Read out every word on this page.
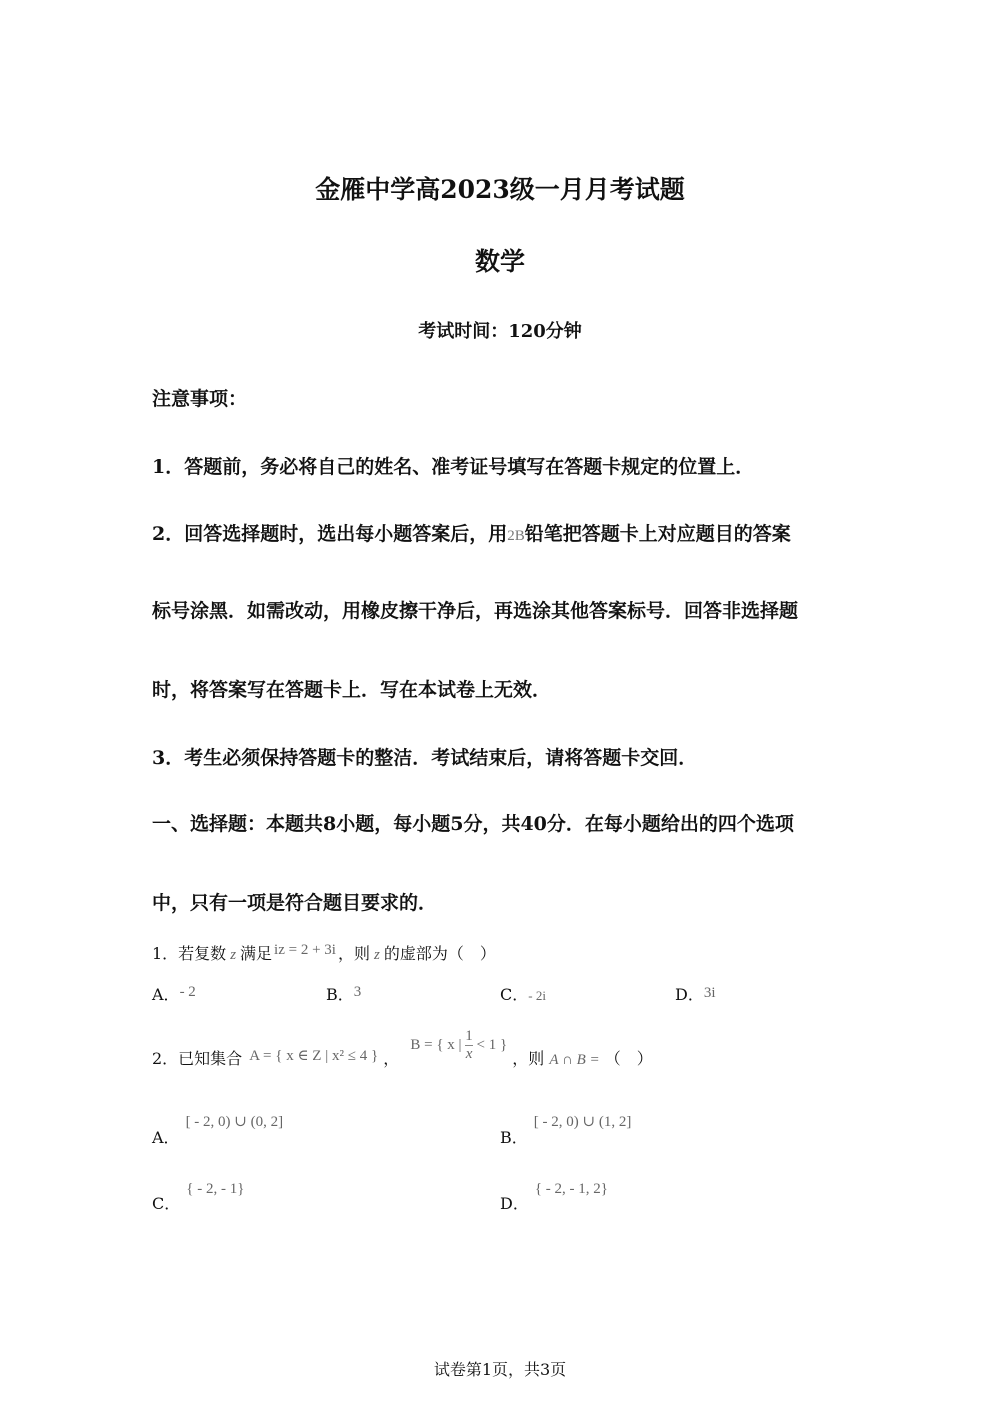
金雁中学高2023级一月月考试题
数学
考试时间：120分钟
注意事项：
1．答题前，务必将自己的姓名、准考证号填写在答题卡规定的位置上．
2．回答选择题时，选出每小题答案后，用2B铅笔把答题卡上对应题目的答案
标号涂黑．如需改动，用橡皮擦干净后，再选涂其他答案标号．回答非选择题
时，将答案写在答题卡上．写在本试卷上无效．
3．考生必须保持答题卡的整洁．考试结束后，请将答题卡交回．
一、选择题：本题共8小题，每小题5分，共40分．在每小题给出的四个选项
中，只有一项是符合题目要求的．
1．若复数 z 满足 iz = 2 + 3i ，则 z 的虚部为（　）
A．- 2	B．3	C．- 2i	D．3i
2．已知集合 A = { x ∈ Z | x² ≤ 4 } ， B = { x | $\frac{1}{x} < 1$ } ，则 A ∩ B = （　）
A．[ - 2, 0) ∪ (0, 2]
B．[ - 2, 0) ∪ (1, 2]
C．{ - 2, - 1}
D．{ - 2, - 1, 2}
试卷第1页，共3页
